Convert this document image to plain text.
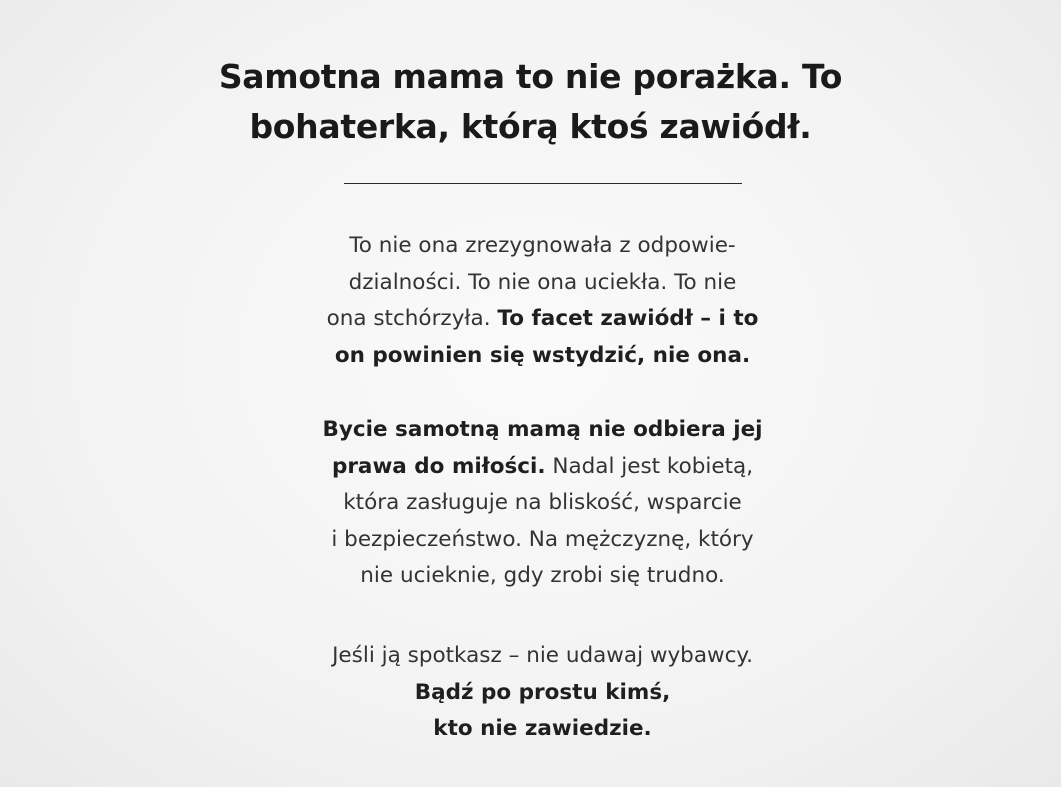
Samotna mama to nie porażka. To
bohaterka, którą ktoś zawiódł.

To nie ona zrezygnowała z odpowie-
dzialności. To nie ona uciekła. To nie
ona stchórzyła. To facet zawiódł – i to
on powinien się wstydzić, nie ona.

Bycie samotną mamą nie odbiera jej
prawa do miłości. Nadal jest kobietą,
która zasługuje na bliskość, wsparcie
i bezpieczeństwo. Na mężczyznę, który
nie ucieknie, gdy zrobi się trudno.

Jeśli ją spotkasz – nie udawaj wybawcy.
Bądź po prostu kimś,
kto nie zawiedzie.
